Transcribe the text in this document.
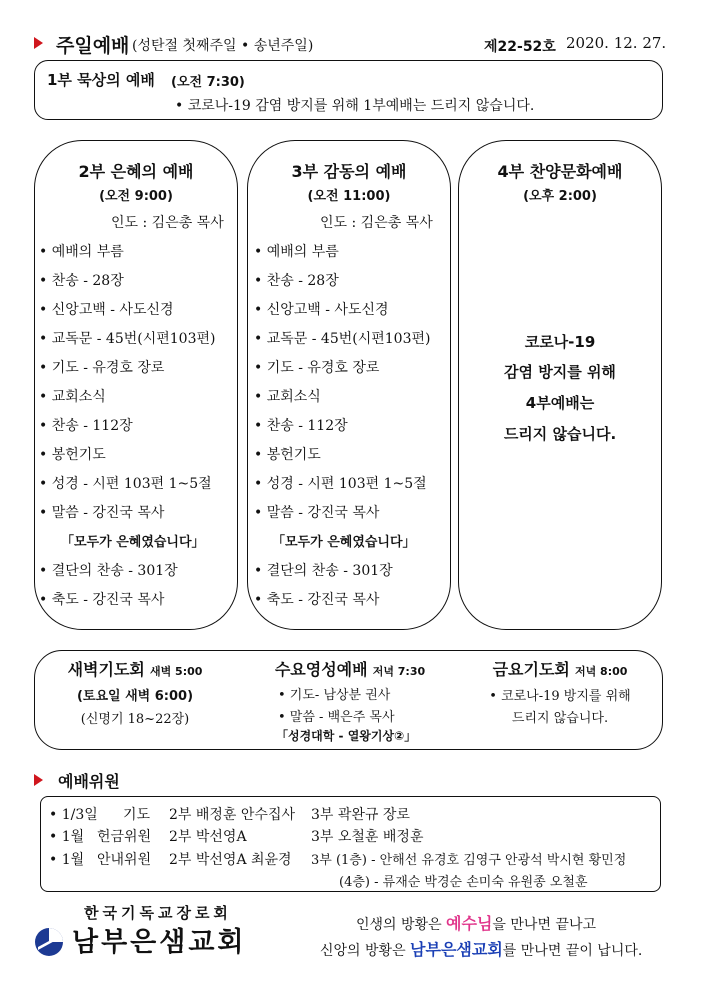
주일예배 (성탄절 첫째주일 • 송년주일)	제22-52호 2020. 12. 27.
1부 묵상의 예배 (오전 7:30)
• 코로나-19 감염 방지를 위해 1부예배는 드리지 않습니다.
2부 은혜의 예배
(오전 9:00)
인도 : 김은총 목사
• 예배의 부름
• 찬송 - 28장
• 신앙고백 - 사도신경
• 교독문 - 45번(시편103편)
• 기도 - 유경호 장로
• 교회소식
• 찬송 - 112장
• 봉헌기도
• 성경 - 시편 103편 1~5절
• 말씀 - 강진국 목사
「모두가 은혜였습니다」
• 결단의 찬송 - 301장
• 축도 - 강진국 목사
3부 감동의 예배
(오전 11:00)
인도 : 김은총 목사
• 예배의 부름
• 찬송 - 28장
• 신앙고백 - 사도신경
• 교독문 - 45번(시편103편)
• 기도 - 유경호 장로
• 교회소식
• 찬송 - 112장
• 봉헌기도
• 성경 - 시편 103편 1~5절
• 말씀 - 강진국 목사
「모두가 은혜였습니다」
• 결단의 찬송 - 301장
• 축도 - 강진국 목사
4부 찬양문화예배
(오후 2:00)
코로나-19
감염 방지를 위해
4부예배는
드리지 않습니다.
새벽기도회 새벽 5:00
(토요일 새벽 6:00)
(신명기 18~22장)
수요영성예배 저녁 7:30
• 기도- 남상분 권사
• 말씀 - 백은주 목사
「성경대학 - 열왕기상②」
금요기도회 저녁 8:00
• 코로나-19 방지를 위해
드리지 않습니다.
예배위원
• 1/3일 기도 2부 배정훈 안수집사 3부 곽완규 장로
• 1월 헌금위원 2부 박선영A	3부 오철훈 배정훈
• 1월 안내위원 2부 박선영A 최윤경 3부 (1층) - 안해선 유경호 김영구 안광석 박시현 황민정
(4층) - 류재순 박경순 손미숙 유원종 오철훈
한국기독교장로회
남부은샘교회
인생의 방황은 예수님을 만나면 끝나고
신앙의 방황은 남부은샘교회를 만나면 끝이 납니다.
